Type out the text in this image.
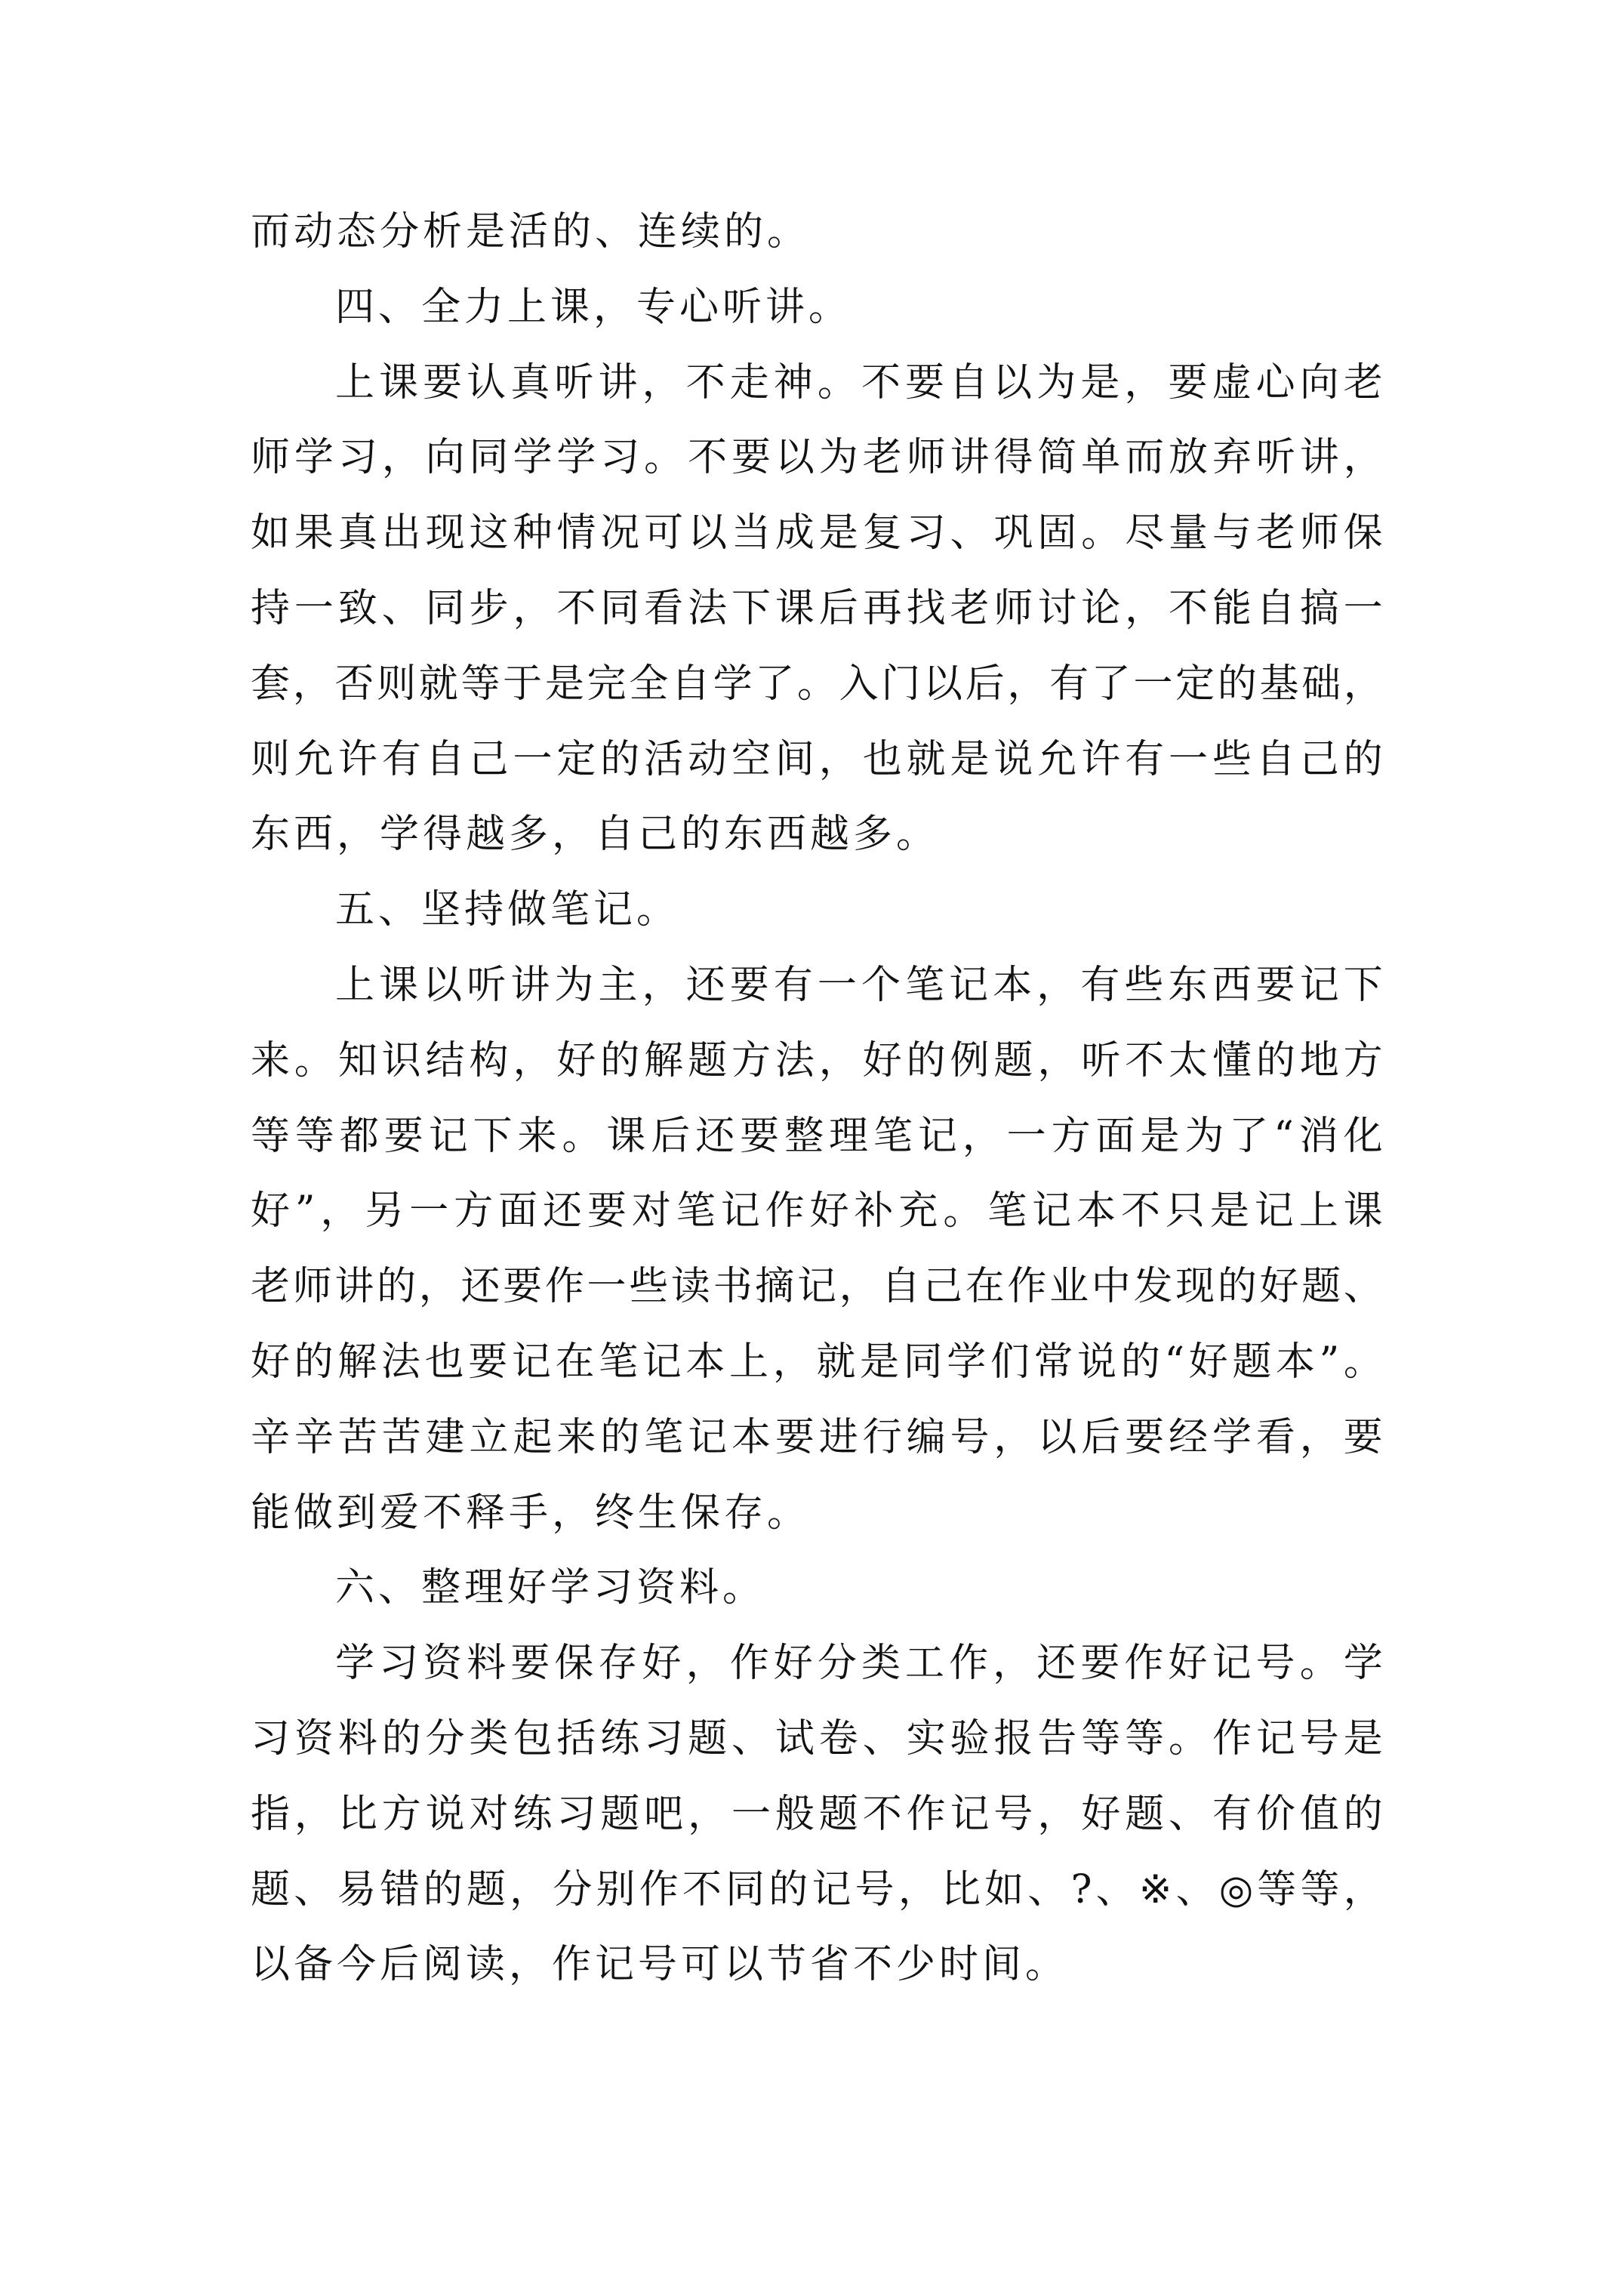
而动态分析是活的、连续的。
四、全力上课，专心听讲。
上 课 要 认 真 听 讲 ， 不 走 神 。 不 要 自 以 为 是 ， 要 虚 心 向 老
师 学 习 ， 向 同 学 学 习 。 不 要 以 为 老 师 讲 得 简 单 而 放 弃 听 讲 ，
如 果 真 出 现 这 种 情 况 可 以 当 成 是 复 习 、 巩 固 。 尽 量 与 老 师 保
持 一 致 、 同 步 ， 不 同 看 法 下 课 后 再 找 老 师 讨 论 ， 不 能 自 搞 一
套 ， 否 则 就 等 于 是 完 全 自 学 了 。 入 门 以 后 ， 有 了 一 定 的 基 础 ，
则 允 许 有 自 己 一 定 的 活 动 空 间 ， 也 就 是 说 允 许 有 一 些 自 己 的
东西，学得越多，自己的东西越多。
五、坚持做笔记。
上 课 以 听 讲 为 主 ， 还 要 有 一 个 笔 记 本 ， 有 些 东 西 要 记 下
来 。 知 识 结 构 ， 好 的 解 题 方 法 ， 好 的 例 题 ， 听 不 太 懂 的 地 方
等 等 都 要 记 下 来 。 课 后 还 要 整 理 笔 记 ， 一 方 面 是 为 了 “ 消 化
好 ” ， 另 一 方 面 还 要 对 笔 记 作 好 补 充 。 笔 记 本 不 只 是 记 上 课
老 师 讲 的 ， 还 要 作 一 些 读 书 摘 记 ， 自 己 在 作 业 中 发 现 的 好 题 、
好 的 解 法 也 要 记 在 笔 记 本 上 ， 就 是 同 学 们 常 说 的 “ 好 题 本 ” 。
辛 辛 苦 苦 建 立 起 来 的 笔 记 本 要 进 行 编 号 ， 以 后 要 经 学 看 ， 要
能做到爱不释手，终生保存。
六、整理好学习资料。
学 习 资 料 要 保 存 好 ， 作 好 分 类 工 作 ， 还 要 作 好 记 号 。 学
习 资 料 的 分 类 包 括 练 习 题 、 试 卷 、 实 验 报 告 等 等 。 作 记 号 是
指 ， 比 方 说 对 练 习 题 吧 ， 一 般 题 不 作 记 号 ， 好 题 、 有 价 值 的
题 、 易 错 的 题 ， 分 别 作 不 同 的 记 号 ， 比 如 、 ? 、 ※ 、 ◎ 等 等 ，
以备今后阅读，作记号可以节省不少时间。
